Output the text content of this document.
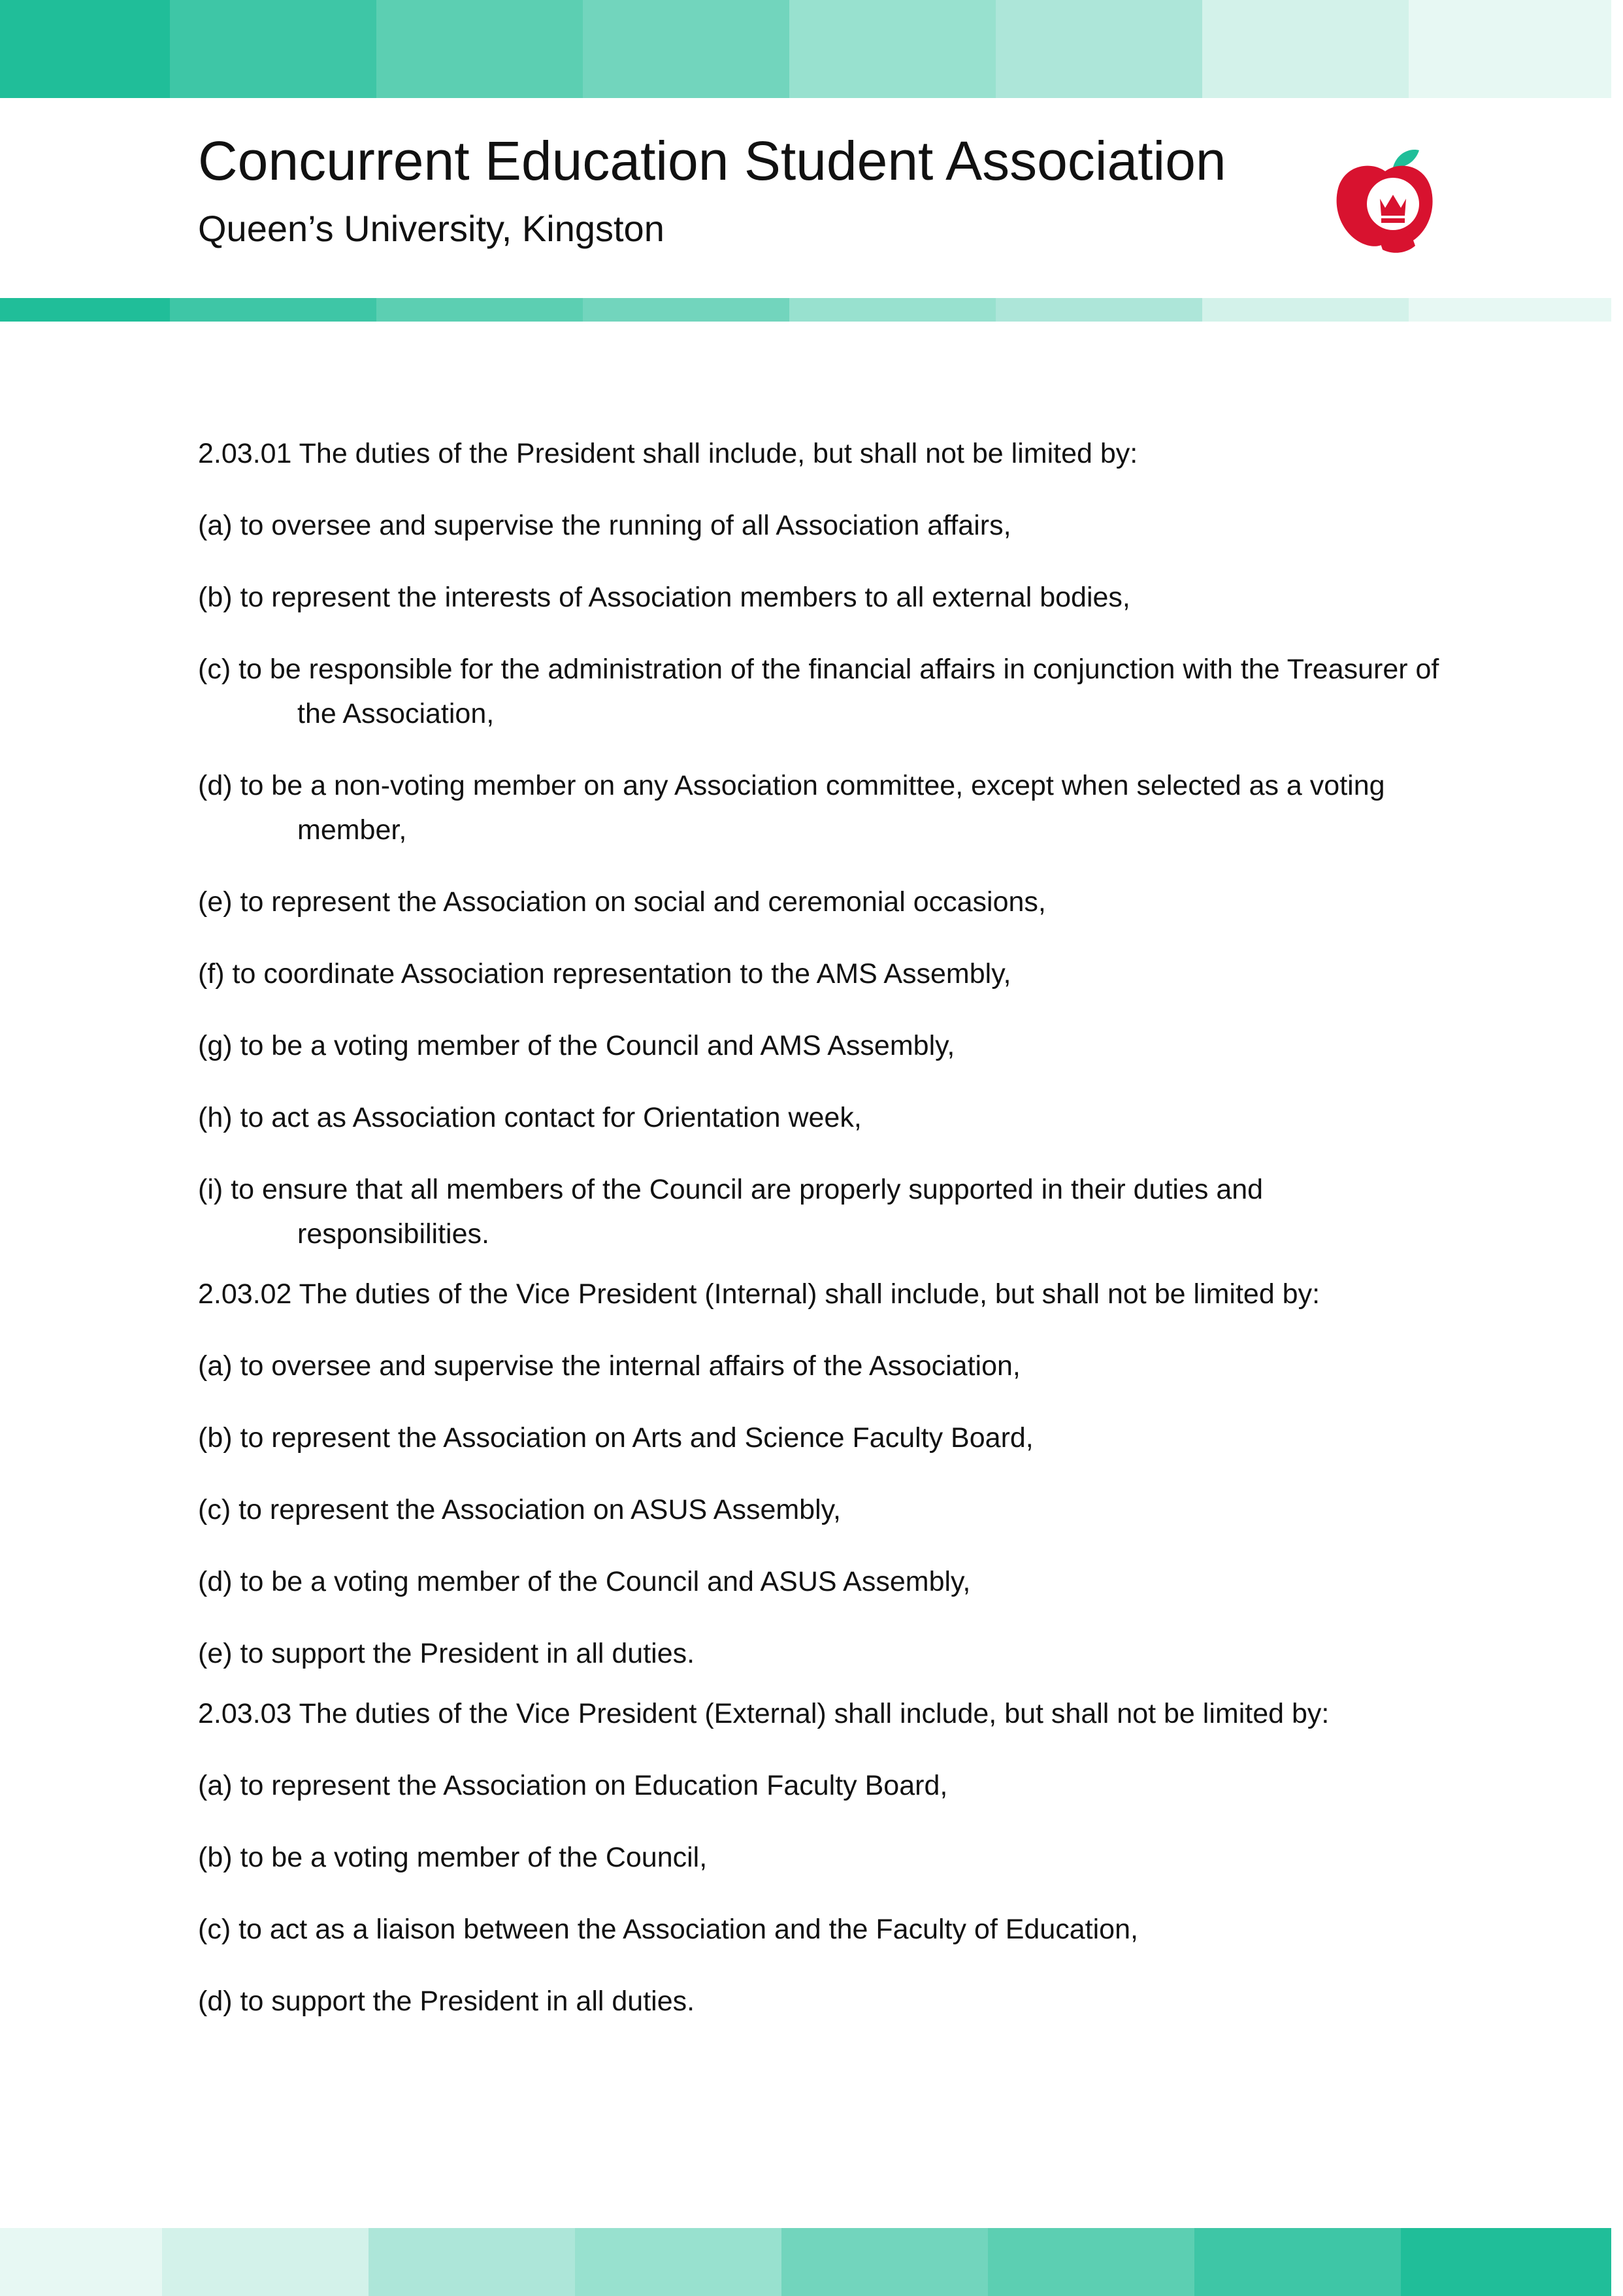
Concurrent Education Student Association
Queen’s University, Kingston

2.03.01 The duties of the President shall include, but shall not be limited by:

(a) to oversee and supervise the running of all Association affairs,

(b) to represent the interests of Association members to all external bodies,

(c) to be responsible for the administration of the financial affairs in conjunction with the Treasurer of the Association,

(d) to be a non-voting member on any Association committee, except when selected as a voting member,

(e) to represent the Association on social and ceremonial occasions,

(f) to coordinate Association representation to the AMS Assembly,

(g) to be a voting member of the Council and AMS Assembly,

(h) to act as Association contact for Orientation week,

(i) to ensure that all members of the Council are properly supported in their duties and responsibilities.

2.03.02 The duties of the Vice President (Internal) shall include, but shall not be limited by:

(a) to oversee and supervise the internal affairs of the Association,

(b) to represent the Association on Arts and Science Faculty Board,

(c) to represent the Association on ASUS Assembly,

(d) to be a voting member of the Council and ASUS Assembly,

(e) to support the President in all duties.

2.03.03 The duties of the Vice President (External) shall include, but shall not be limited by:

(a) to represent the Association on Education Faculty Board,

(b) to be a voting member of the Council,

(c) to act as a liaison between the Association and the Faculty of Education,

(d) to support the President in all duties.
